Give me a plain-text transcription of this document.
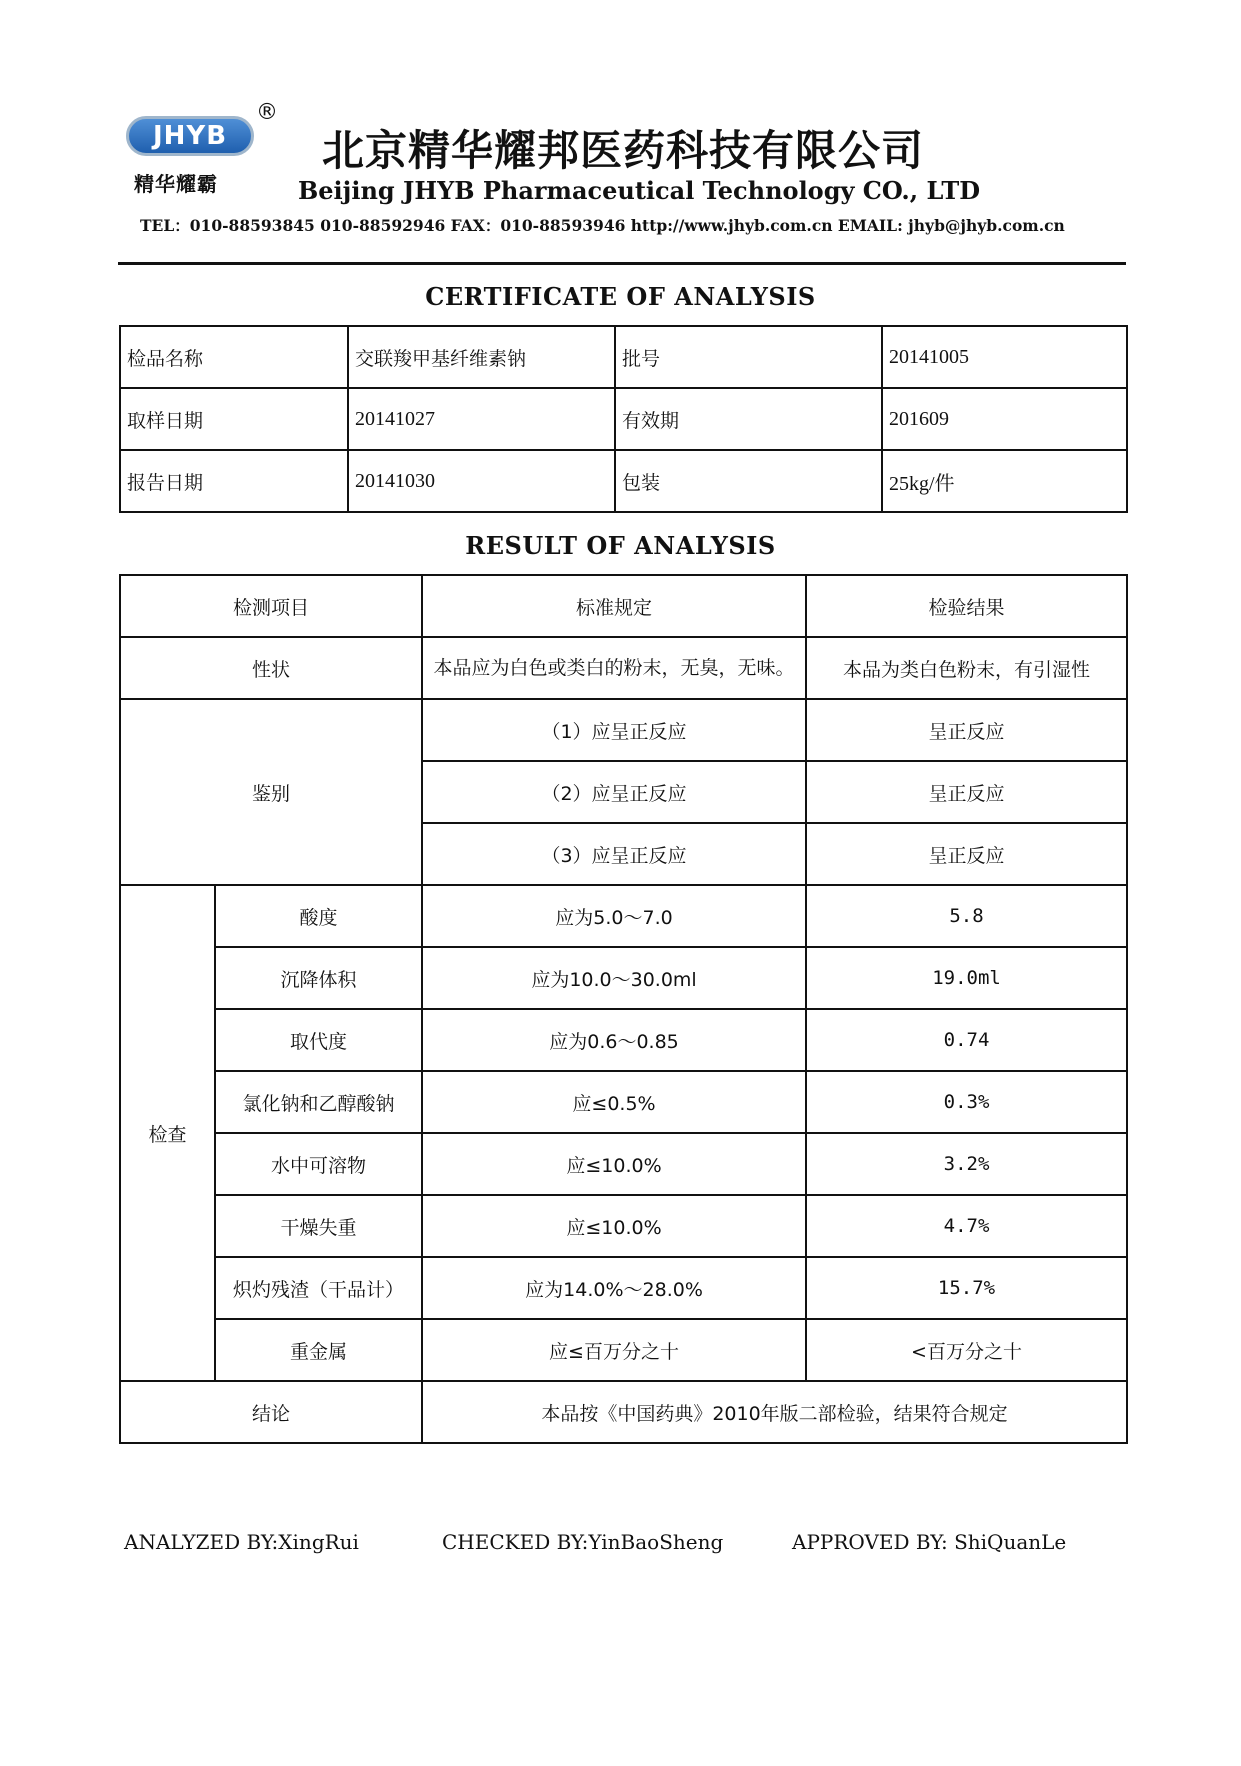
JHYB
®
精华耀霸
北京精华耀邦医药科技有限公司
Beijing JHYB Pharmaceutical Technology CO., LTD
TEL：010-88593845 010-88592946 FAX：010-88593946 http://www.jhyb.com.cn EMAIL: jhyb@jhyb.com.cn
CERTIFICATE OF ANALYSIS
检品名称	交联羧甲基纤维素钠	批号	20141005
取样日期	20141027	有效期	201609
报告日期	20141030	包装	25kg/件
RESULT OF ANALYSIS
检测项目		标准规定	检验结果
性状		本品应为白色或类白的粉末，无臭，无味。	本品为类白色粉末，有引湿性
鉴别		（1）应呈正反应	呈正反应
		（2）应呈正反应	呈正反应
		（3）应呈正反应	呈正反应
检查	酸度	应为5.0～7.0	5.8
	沉降体积	应为10.0～30.0ml	19.0ml
	取代度	应为0.6～0.85	0.74
	氯化钠和乙醇酸钠	应≤0.5%	0.3%
	水中可溶物	应≤10.0%	3.2%
	干燥失重	应≤10.0%	4.7%
	炽灼残渣（干品计）	应为14.0%～28.0%	15.7%
	重金属	应≤百万分之十	<百万分之十
结论		本品按《中国药典》2010年版二部检验，结果符合规定	
ANALYZED BY:XingRui	CHECKED BY:YinBaoSheng	APPROVED BY: ShiQuanLe
